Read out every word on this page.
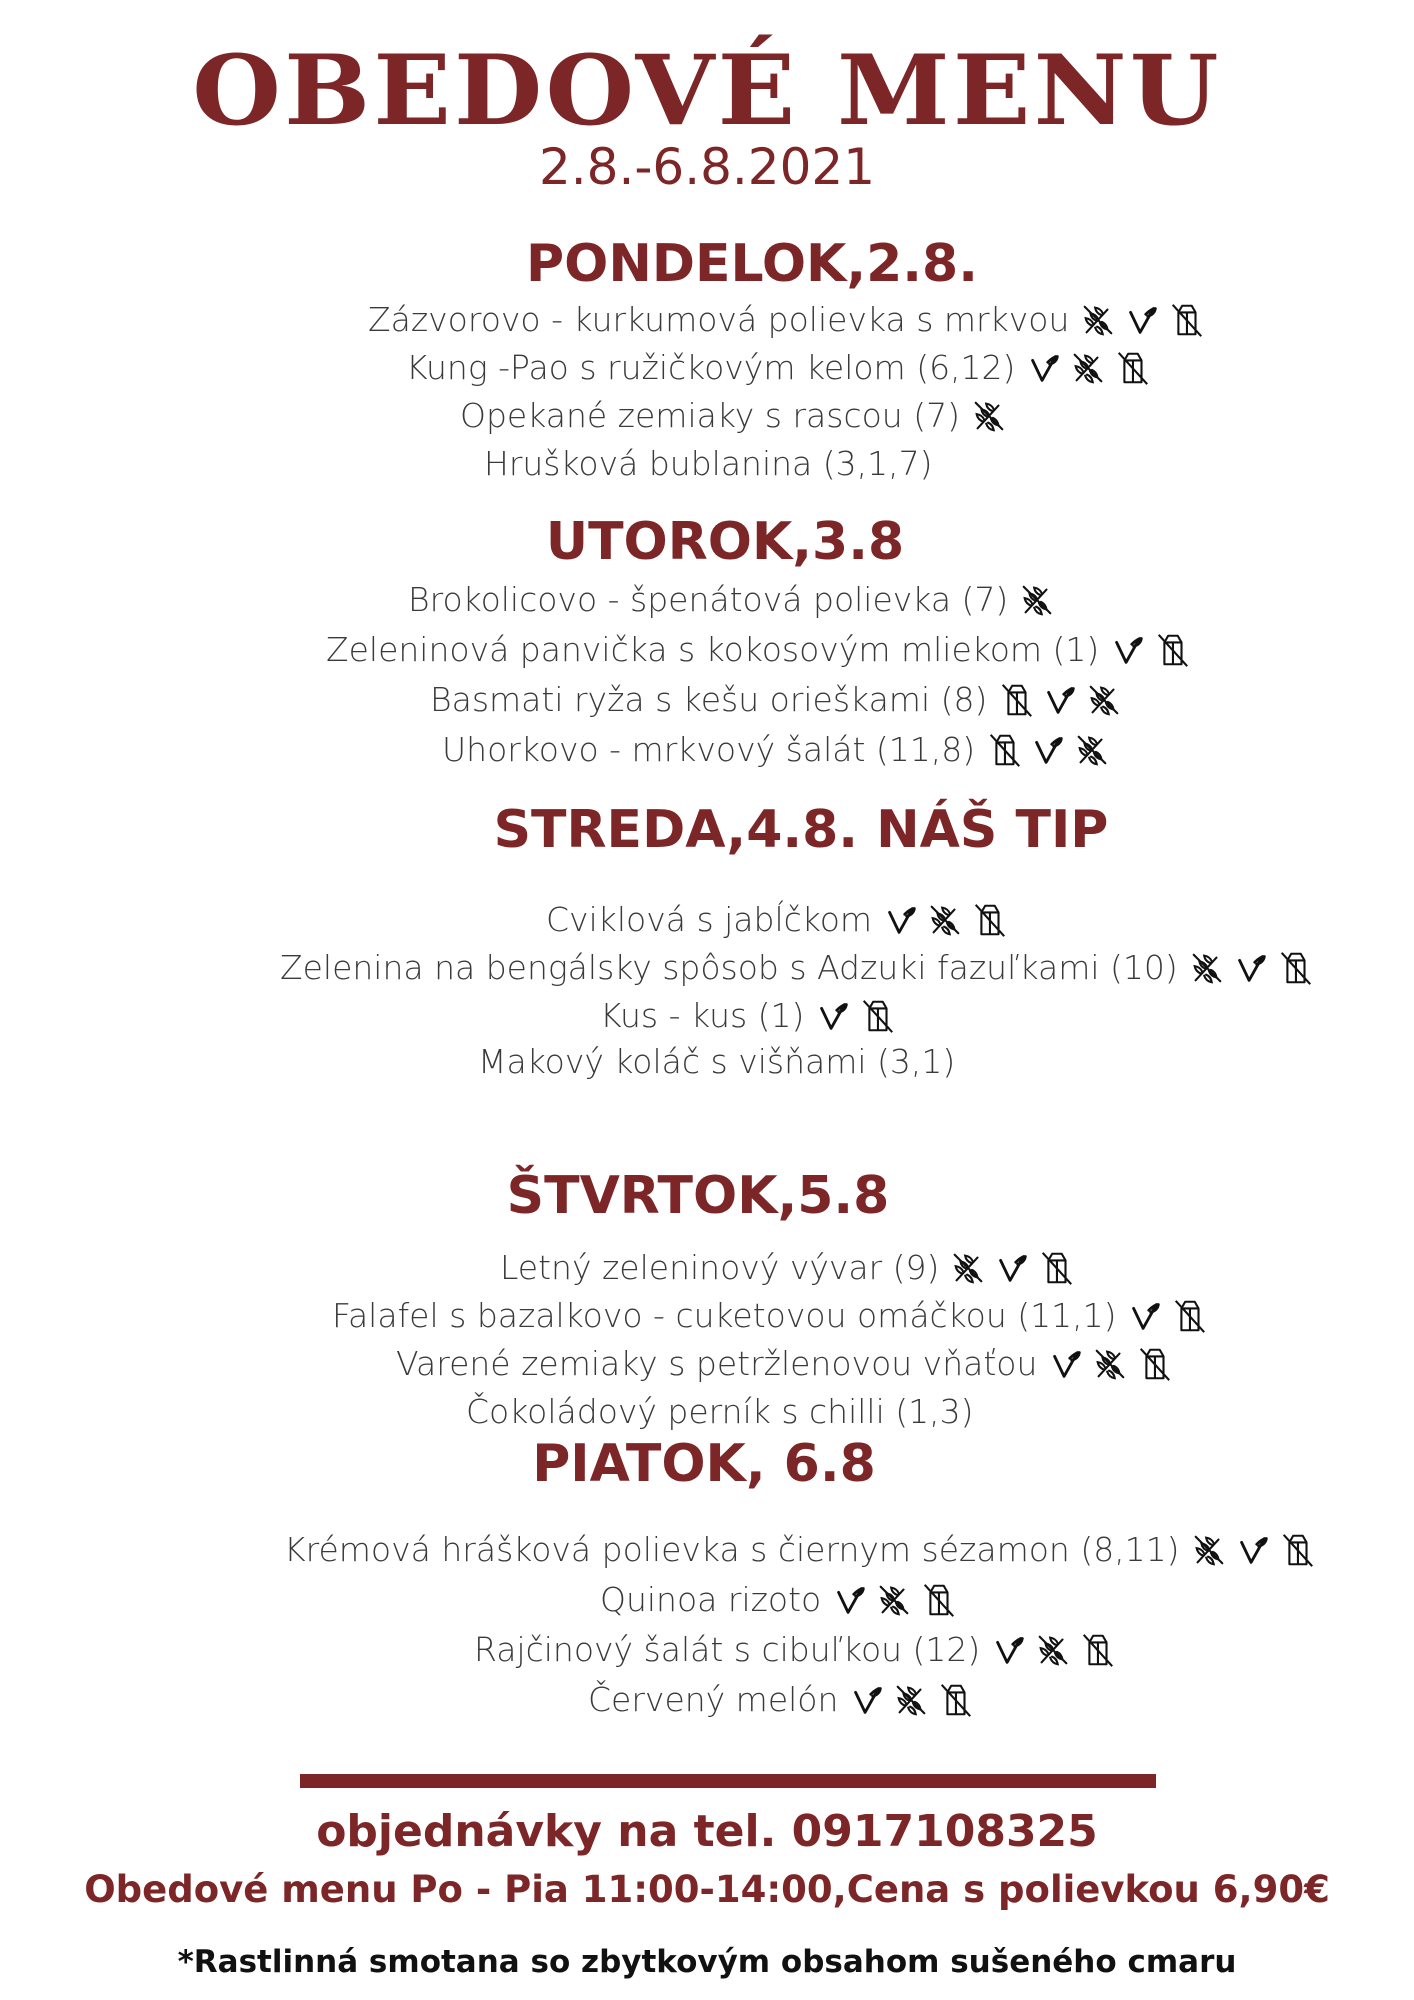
OBEDOVÉ MENU
2.8.-6.8.2021
PONDELOK,2.8.
Zázvorovo - kurkumová polievka s mrkvou
Kung -Pao s ružičkovým kelom (6,12)
Opekané zemiaky s rascou (7)
Hrušková bublanina (3,1,7)
UTOROK,3.8
Brokolicovo - špenátová polievka (7)
Zeleninová panvička s kokosovým mliekom (1)
Basmati ryža s kešu orieškami (8)
Uhorkovo - mrkvový šalát (11,8)
STREDA,4.8. NÁŠ TIP
Cviklová s jabĺčkom
Zelenina na bengálsky spôsob s Adzuki fazuľkami (10)
Kus - kus (1)
Makový koláč s višňami (3,1)
ŠTVRTOK,5.8
Letný zeleninový vývar (9)
Falafel s bazalkovo - cuketovou omáčkou (11,1)
Varené zemiaky s petržlenovou vňaťou
Čokoládový perník s chilli (1,3)
PIATOK, 6.8
Krémová hrášková polievka s čiernym sézamon (8,11)
Quinoa rizoto
Rajčinový šalát s cibuľkou (12)
Červený melón
objednávky na tel. 0917108325
Obedové menu Po - Pia 11:00-14:00,Cena s polievkou 6,90€
*Rastlinná smotana so zbytkovým obsahom sušeného cmaru
